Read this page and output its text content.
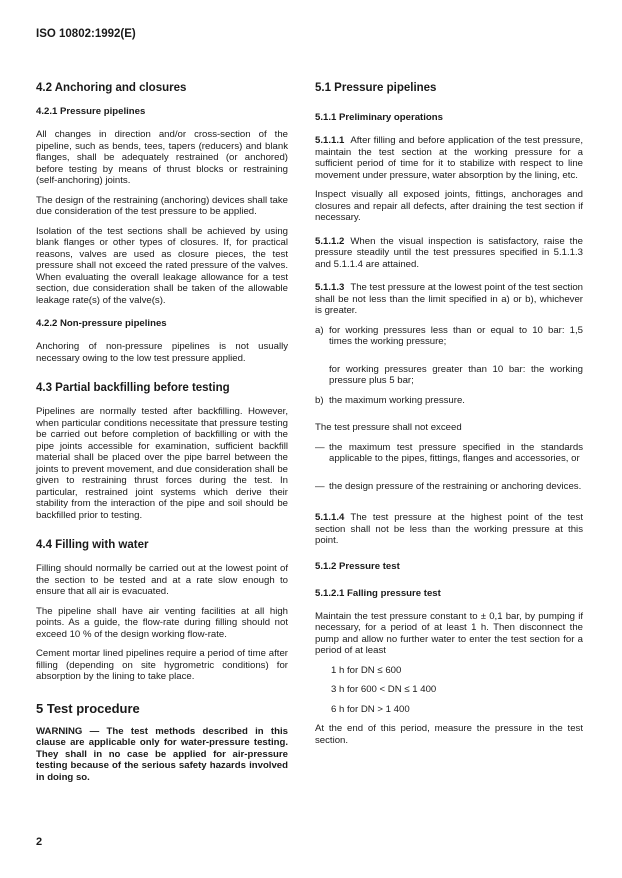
ISO 10802:1992(E)
4.2 Anchoring and closures
4.2.1 Pressure pipelines

All changes in direction and/or cross-section of the pipeline, such as bends, tees, tapers (reducers) and blank flanges, shall be adequately restrained (or anchored) before testing by means of thrust blocks or restraining (self-anchoring) joints.

The design of the restraining (anchoring) devices shall take due consideration of the test pressure to be applied.

Isolation of the test sections shall be achieved by using blank flanges or other types of closures. If, for practical reasons, valves are used as closure pieces, the test pressure shall not exceed the rated pressure of the valves. When evaluating the overall leakage allowance for a test section, due consideration shall be taken of the allowable leakage rate(s) of the valve(s).

4.2.2 Non-pressure pipelines

Anchoring of non-pressure pipelines is not usually necessary owing to the low test pressure applied.

4.3 Partial backfilling before testing

Pipelines are normally tested after backfilling. However, when particular conditions necessitate that pressure testing be carried out before completion of backfilling or with the pipe joints accessible for examination, sufficient backfill material shall be placed over the pipe barrel between the joints to prevent movement, and due consideration shall be given to restraining thrust forces during the test. In particular, restrained joint systems which derive their stability from the interaction of the pipe and soil should be backfilled prior to testing.

4.4 Filling with water

Filling should normally be carried out at the lowest point of the section to be tested and at a rate slow enough to ensure that all air is evacuated.

The pipeline shall have air venting facilities at all high points. As a guide, the flow-rate during filling should not exceed 10 % of the design working flow-rate.

Cement mortar lined pipelines require a period of time after filling (depending on site hygrometric conditions) for absorption by the lining to take place.

5 Test procedure
WARNING — The test methods described in this clause are applicable only for water-pressure testing. They shall in no case be applied for air-pressure testing because of the serious safety hazards involved in doing so.
5.1 Pressure pipelines
5.1.1 Preliminary operations

5.1.1.1 After filling and before application of the test pressure, maintain the test section at the working pressure for a sufficient period of time for it to stabilize with respect to line movement under pressure, water absorption by the lining, etc.

Inspect visually all exposed joints, fittings, anchorages and closures and repair all defects, after draining the test section if necessary.

5.1.1.2 When the visual inspection is satisfactory, raise the pressure steadily until the test pressures specified in 5.1.1.3 and 5.1.1.4 are attained.

5.1.1.3 The test pressure at the lowest point of the test section shall be not less than the limit specified in a) or b), whichever is greater.

a) for working pressures less than or equal to 10 bar: 1,5 times the working pressure;

for working pressures greater than 10 bar: the working pressure plus 5 bar;

b) the maximum working pressure.

The test pressure shall not exceed

— the maximum test pressure specified in the standards applicable to the pipes, fittings, flanges and accessories, or

— the design pressure of the restraining or anchoring devices.

5.1.1.4 The test pressure at the highest point of the test section shall not be less than the working pressure at this point.

5.1.2 Pressure test
5.1.2.1 Falling pressure test

Maintain the test pressure constant to ± 0,1 bar, by pumping if necessary, for a period of at least 1 h. Then disconnect the pump and allow no further water to enter the test section for a period of at least

1 h for DN ≤ 600

3 h for 600 < DN ≤ 1 400

6 h for DN > 1 400

At the end of this period, measure the pressure in the test section.

2
